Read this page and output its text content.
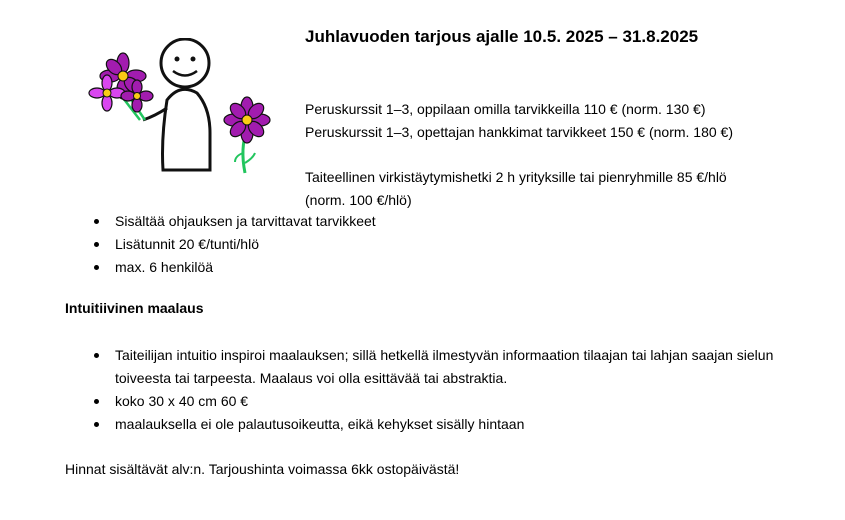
Juhlavuoden tarjous ajalle 10.5. 2025 – 31.8.2025
Peruskurssit 1–3, oppilaan omilla tarvikkeilla 110 € (norm. 130 €)
Peruskurssit 1–3, opettajan hankkimat tarvikkeet 150 € (norm. 180 €)
Taiteellinen virkistäytymishetki 2 h yrityksille tai pienryhmille 85 €/hlö
(norm. 100 €/hlö)
Sisältää ohjauksen ja tarvittavat tarvikkeet
Lisätunnit 20 €/tunti/hlö
max. 6 henkilöä
Intuitiivinen maalaus
Taiteilijan intuitio inspiroi maalauksen; sillä hetkellä ilmestyvän informaation tilaajan tai lahjan saajan sielun toiveesta tai tarpeesta. Maalaus voi olla esittävää tai abstraktia.
koko 30 x 40 cm 60 €
maalauksella ei ole palautusoikeutta, eikä kehykset sisälly hintaan
Hinnat sisältävät alv:n. Tarjoushinta voimassa 6kk ostopäivästä!
